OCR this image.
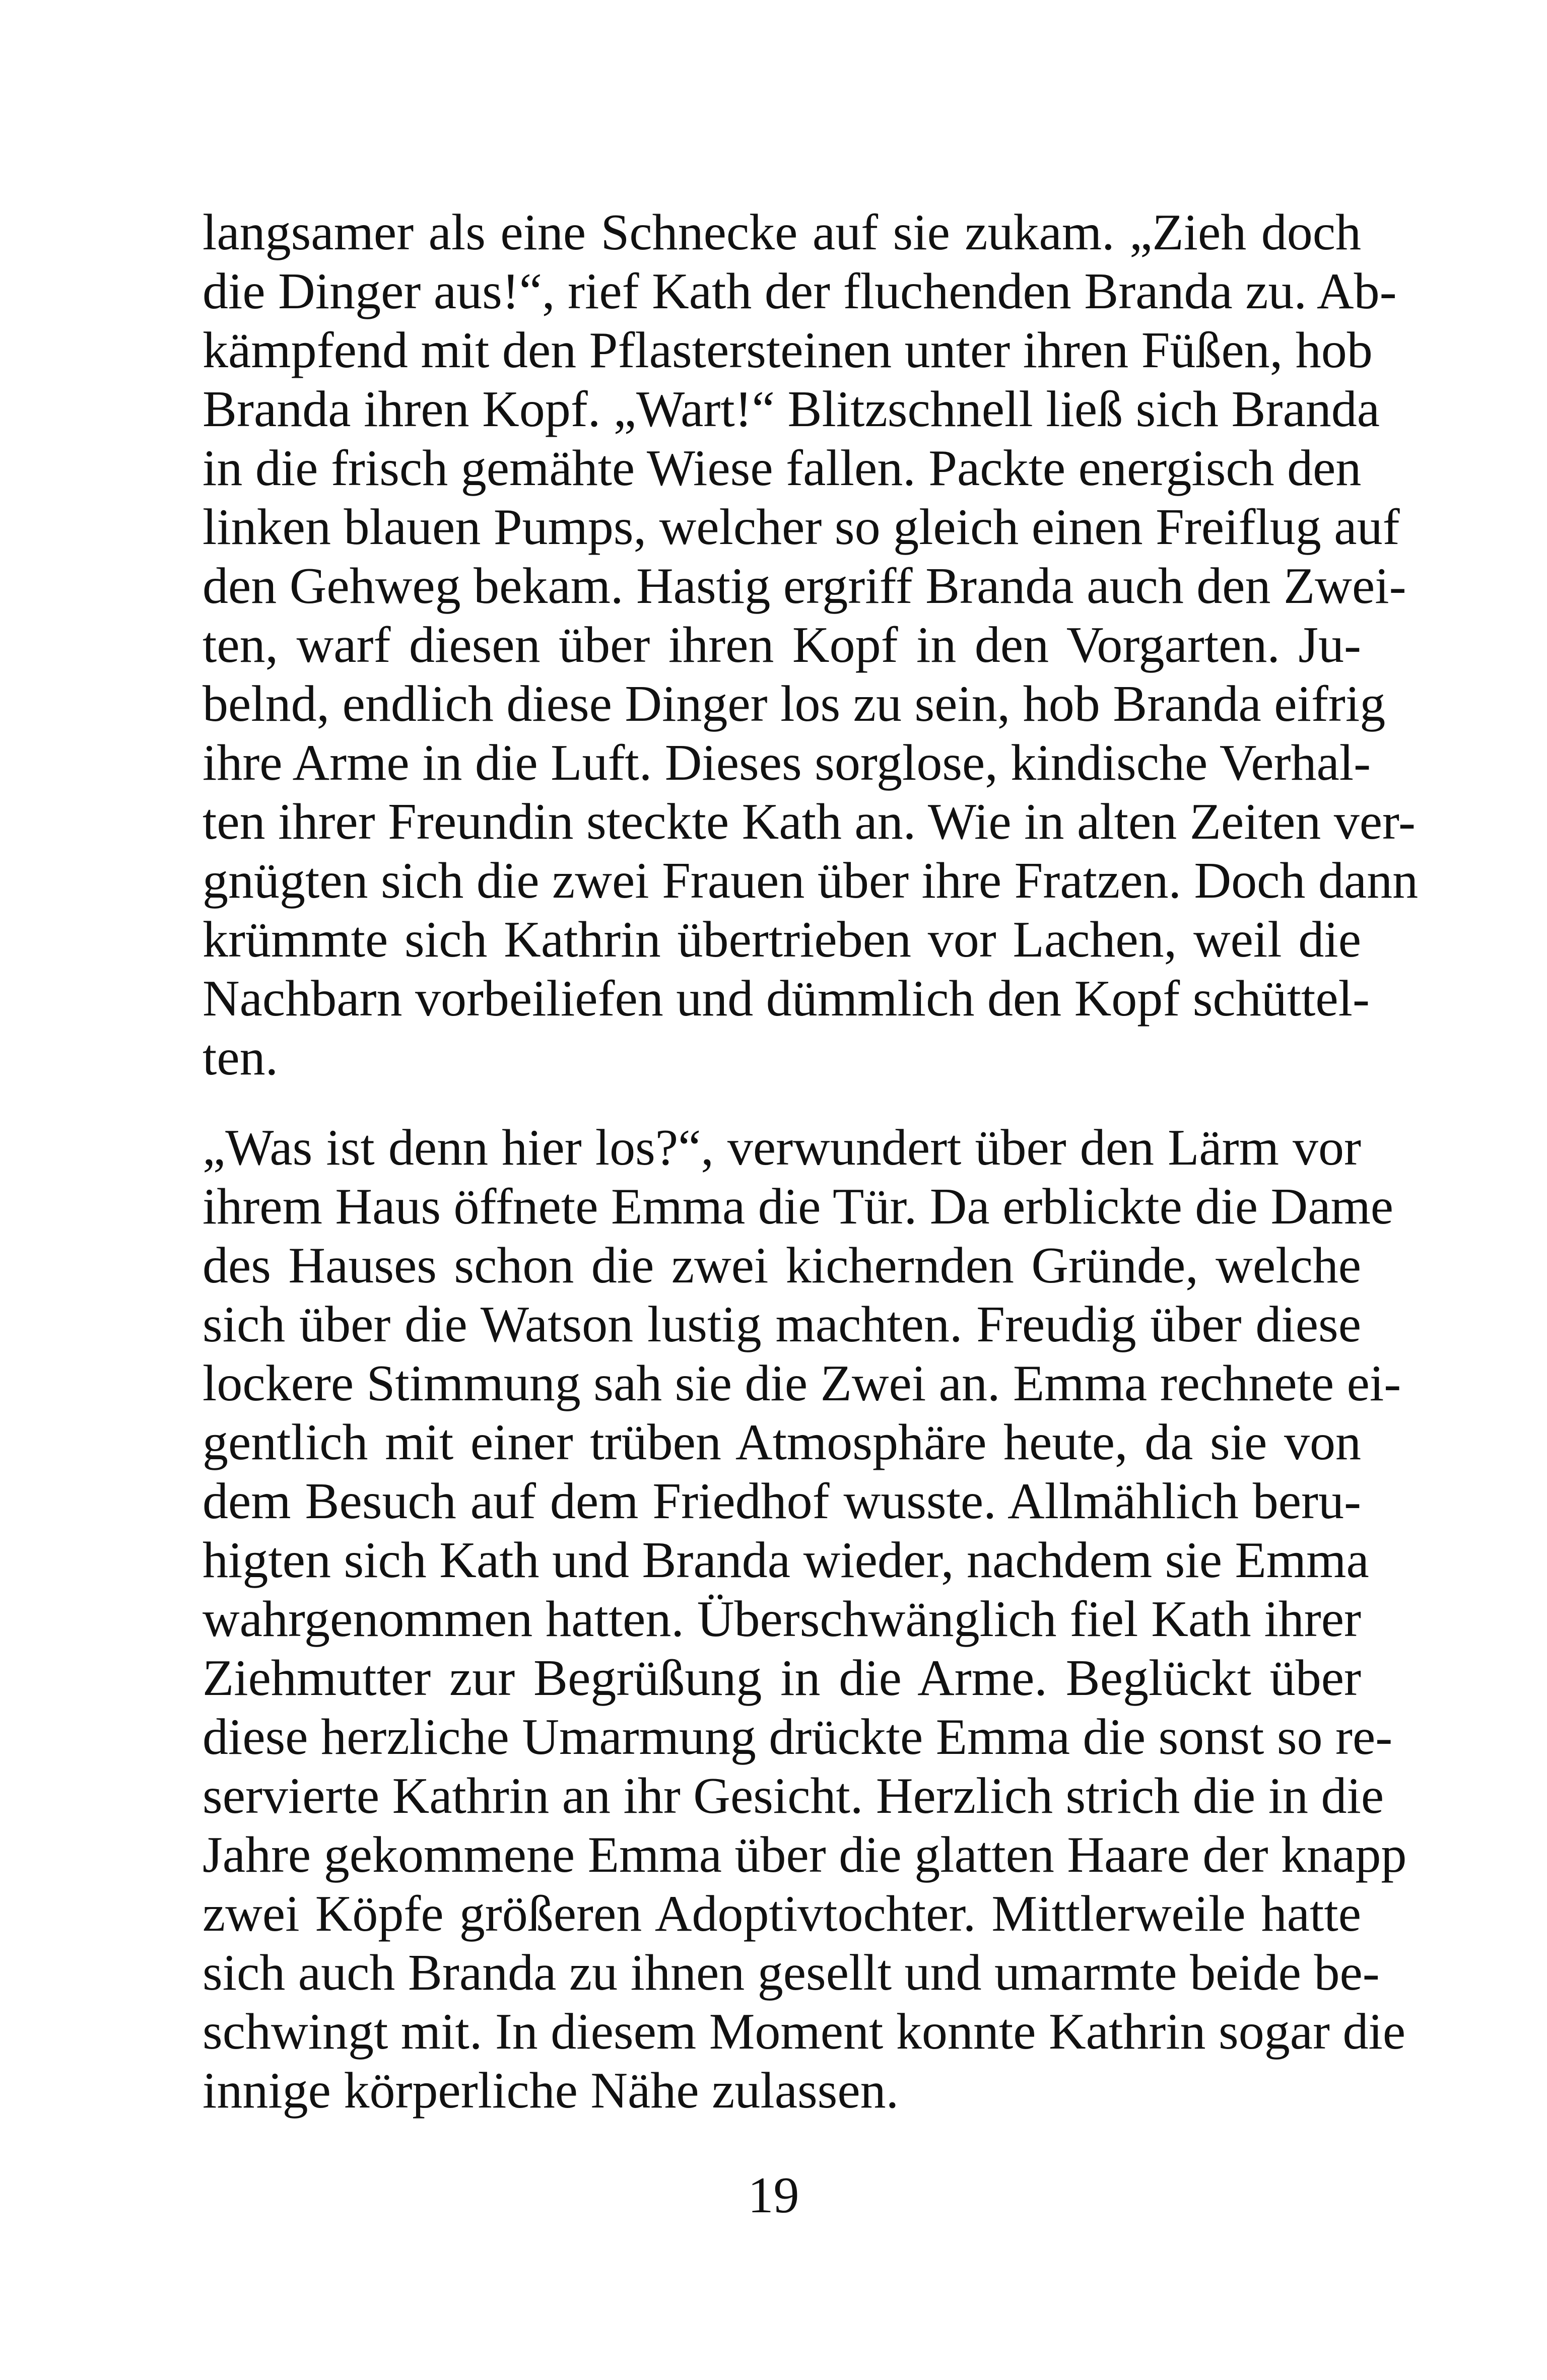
langsamer als eine Schnecke auf sie zukam. „Zieh doch
die Dinger aus!“, rief Kath der fluchenden Branda zu. Ab-
kämpfend mit den Pflastersteinen unter ihren Füßen, hob
Branda ihren Kopf. „Wart!“ Blitzschnell ließ sich Branda
in die frisch gemähte Wiese fallen. Packte energisch den
linken blauen Pumps, welcher so gleich einen Freiflug auf
den Gehweg bekam. Hastig ergriff Branda auch den Zwei-
ten, warf diesen über ihren Kopf in den Vorgarten. Ju-
belnd, endlich diese Dinger los zu sein, hob Branda eifrig
ihre Arme in die Luft. Dieses sorglose, kindische Verhal-
ten ihrer Freundin steckte Kath an. Wie in alten Zeiten ver-
gnügten sich die zwei Frauen über ihre Fratzen. Doch dann
krümmte sich Kathrin übertrieben vor Lachen, weil die
Nachbarn vorbeiliefen und dümmlich den Kopf schüttel-
ten.
„Was ist denn hier los?“, verwundert über den Lärm vor
ihrem Haus öffnete Emma die Tür. Da erblickte die Dame
des Hauses schon die zwei kichernden Gründe, welche
sich über die Watson lustig machten. Freudig über diese
lockere Stimmung sah sie die Zwei an. Emma rechnete ei-
gentlich mit einer trüben Atmosphäre heute, da sie von
dem Besuch auf dem Friedhof wusste. Allmählich beru-
higten sich Kath und Branda wieder, nachdem sie Emma
wahrgenommen hatten. Überschwänglich fiel Kath ihrer
Ziehmutter zur Begrüßung in die Arme. Beglückt über
diese herzliche Umarmung drückte Emma die sonst so re-
servierte Kathrin an ihr Gesicht. Herzlich strich die in die
Jahre gekommene Emma über die glatten Haare der knapp
zwei Köpfe größeren Adoptivtochter. Mittlerweile hatte
sich auch Branda zu ihnen gesellt und umarmte beide be-
schwingt mit. In diesem Moment konnte Kathrin sogar die
innige körperliche Nähe zulassen.
19
